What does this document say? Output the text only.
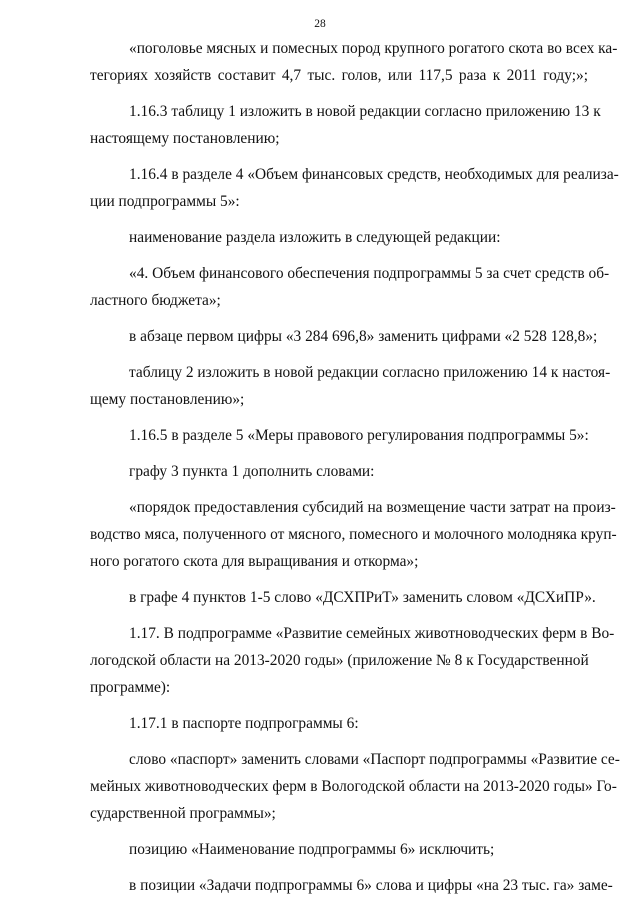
28
«поголовье мясных и помесных пород крупного рогатого скота во всех ка-
тегориях хозяйств составит 4,7 тыс. голов, или 117,5 раза к 2011 году;»;
1.16.3 таблицу 1 изложить в новой редакции согласно приложению 13 к
настоящему постановлению;
1.16.4 в разделе 4 «Объем финансовых средств, необходимых для реализа-
ции подпрограммы 5»:
наименование раздела изложить в следующей редакции:
«4. Объем финансового обеспечения подпрограммы 5 за счет средств об-
ластного бюджета»;
в абзаце первом цифры «3 284 696,8» заменить цифрами «2 528 128,8»;
таблицу 2 изложить в новой редакции согласно приложению 14 к настоя-
щему постановлению»;
1.16.5 в разделе 5 «Меры правового регулирования подпрограммы 5»:
графу 3 пункта 1 дополнить словами:
«порядок предоставления субсидий на возмещение части затрат на произ-
водство мяса, полученного от мясного, помесного и молочного молодняка круп-
ного рогатого скота для выращивания и откорма»;
в графе 4 пунктов 1-5 слово «ДСХПРиТ» заменить словом «ДСХиПР».
1.17. В подпрограмме «Развитие семейных животноводческих ферм в Во-
логодской области на 2013-2020 годы» (приложение № 8 к Государственной
программе):
1.17.1 в паспорте подпрограммы 6:
слово «паспорт» заменить словами «Паспорт подпрограммы «Развитие се-
мейных животноводческих ферм в Вологодской области на 2013-2020 годы» Го-
сударственной программы»;
позицию «Наименование подпрограммы 6» исключить;
в позиции «Задачи подпрограммы 6» слова и цифры «на 23 тыс. га» заме-
